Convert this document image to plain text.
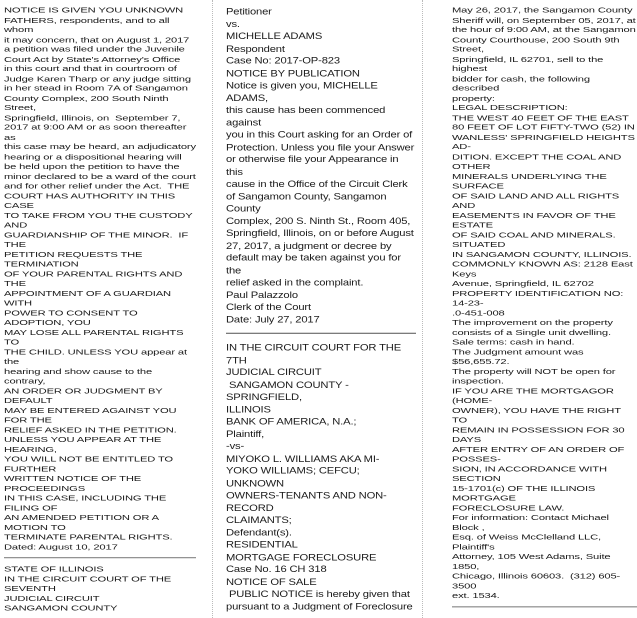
NOTICE IS GIVEN YOU UNKNOWN

FATHERS, respondents, and to all whom

it may concern, that on August 1, 2017

a petition was filed under the Juvenile

Court Act by State's Attorney's Office

in this court and that in courtroom of

Judge Karen Tharp or any judge sitting

in her stead in Room 7A of Sangamon

County Complex, 200 South Ninth Street,

Springfield, Illinois, on  September 7,

2017 at 9:00 AM or as soon thereafter as

this case may be heard, an adjudicatory

hearing or a dispositional hearing will

be held upon the petition to have the

minor declared to be a ward of the court

and for other relief under the Act.  THE

COURT HAS AUTHORITY IN THIS CASE

TO TAKE FROM YOU THE CUSTODY AND

GUARDIANSHIP OF THE MINOR.  IF THE

PETITION REQUESTS THE TERMINATION

OF YOUR PARENTAL RIGHTS AND THE

APPOINTMENT OF A GUARDIAN WITH

POWER TO CONSENT TO ADOPTION, YOU

MAY LOSE ALL PARENTAL RIGHTS TO

THE CHILD. UNLESS YOU appear at the

hearing and show cause to the contrary,

AN ORDER OR JUDGMENT BY DEFAULT

MAY BE ENTERED AGAINST YOU FOR THE

RELIEF ASKED IN THE PETITION.

UNLESS YOU APPEAR AT THE HEARING,

YOU WILL NOT BE ENTITLED TO FURTHER

WRITTEN NOTICE OF THE PROCEEDINGS

IN THIS CASE, INCLUDING THE FILING OF

AN AMENDED PETITION OR A MOTION TO

TERMINATE PARENTAL RIGHTS.

Dated: August 10, 2017

STATE OF ILLINOIS

IN THE CIRCUIT COURT OF THE SEVENTH

JUDICIAL CIRCUIT

SANGAMON COUNTY

Petitioner

vs.

MICHELLE ADAMS

Respondent

Case No: 2017-OP-823

NOTICE BY PUBLICATION

Notice is given you, MICHELLE ADAMS,

this cause has been commenced against

you in this Court asking for an Order of

Protection. Unless you file your Answer

or otherwise file your Appearance in this

cause in the Office of the Circuit Clerk

of Sangamon County, Sangamon County

Complex, 200 S. Ninth St., Room 405,

Springfield, Illinois, on or before August

27, 2017, a judgment or decree by

default may be taken against you for the

relief asked in the complaint.

Paul Palazzolo

Clerk of the Court

Date: July 27, 2017

IN THE CIRCUIT COURT FOR THE 7TH

JUDICIAL CIRCUIT

SANGAMON COUNTY -  SPRINGFIELD,

ILLINOIS

BANK OF AMERICA, N.A.;

Plaintiff,

-vs-

MIYOKO L. WILLIAMS AKA MI-

YOKO WILLIAMS; CEFCU; UNKNOWN

OWNERS-TENANTS AND NON-RECORD

CLAIMANTS;

Defendant(s).

RESIDENTIAL

MORTGAGE FORECLOSURE

Case No. 16 CH 318

NOTICE OF SALE

PUBLIC NOTICE is hereby given that

pursuant to a Judgment of Foreclosure

May 26, 2017, the Sangamon County

Sheriff will, on September 05, 2017, at

the hour of 9:00 AM, at the Sangamon

County Courthouse, 200 South 9th Street,

Springfield, IL 62701, sell to the highest

bidder for cash, the following described

property:

LEGAL DESCRIPTION:

THE WEST 40 FEET OF THE EAST

80 FEET OF LOT FIFTY-TWO (52) IN

WANLESS' SPRINGFIELD HEIGHTS AD-

DITION. EXCEPT THE COAL AND OTHER

MINERALS UNDERLYING THE SURFACE

OF SAID LAND AND ALL RIGHTS AND

EASEMENTS IN FAVOR OF THE ESTATE

OF SAID COAL AND MINERALS. SITUATED

IN SANGAMON COUNTY, ILLINOIS.

COMMONLY KNOWN AS: 2128 East Keys

Avenue, Springfield, IL 62702

PROPERTY IDENTIFICATION NO:  14-23-

.0-451-008

The improvement on the property

consists of a Single unit dwelling.

Sale terms: cash in hand.

The Judgment amount was $56,655.72.

The property will NOT be open for

inspection.

IF YOU ARE THE MORTGAGOR (HOME-

OWNER), YOU HAVE THE RIGHT TO

REMAIN IN POSSESSION FOR 30 DAYS

AFTER ENTRY OF AN ORDER OF POSSES-

SION, IN ACCORDANCE WITH SECTION

15-1701(c) OF THE ILLINOIS MORTGAGE

FORECLOSURE LAW.

For information: Contact Michael Block ,

Esq. of Weiss McClelland LLC, Plaintiff's

Attorney, 105 West Adams, Suite 1850,

Chicago, Illinois 60603.  (312) 605-3500

ext. 1534.
